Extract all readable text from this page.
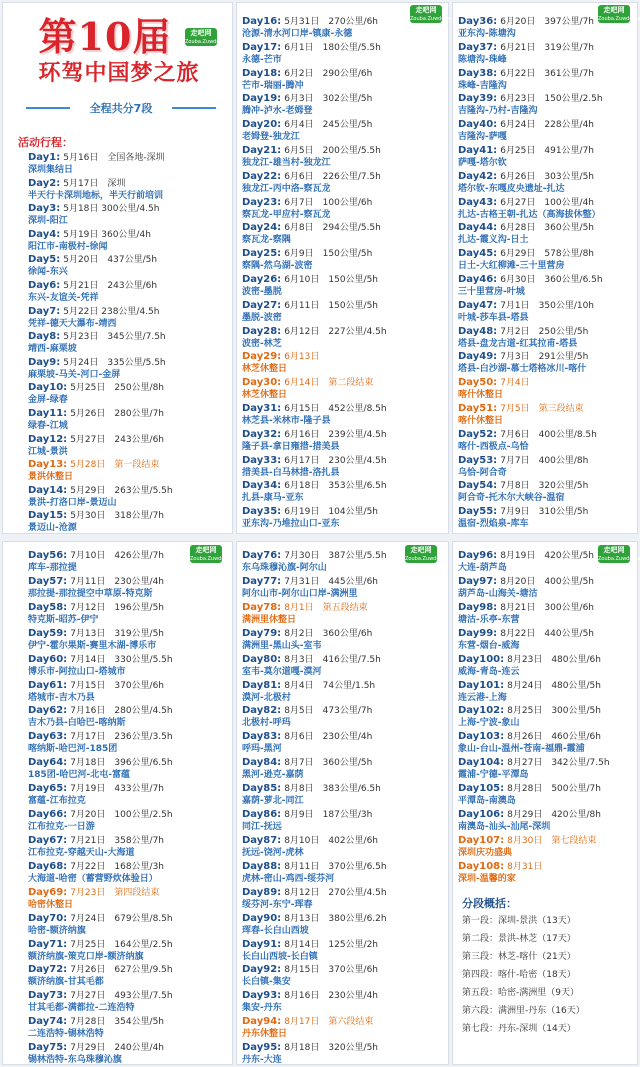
第10届
环驾中国梦之旅
走吧网
Zouba.Zuwdema
全程共分7段
活动行程：
走吧网
Zouba.Zuwdema
走吧网
Zouba.Zuwdema
走吧网
Zouba.Zuwdema
走吧网
Zouba.Zuwdema
走吧网
Zouba.Zuwdema
Day1: 5月16日　全国各地-深圳
深圳集结日
Day2: 5月17日　深圳
半天行卡深圳地标，半天行前培训
Day3: 5月18日 300公里/4.5h
深圳-阳江
Day4: 5月19日 360公里/4h
阳江市-南极村-徐闻
Day5: 5月20日　437公里/5h
徐闻-东兴
Day6: 5月21日　243公里/6h
东兴-友谊关-凭祥
Day7: 5月22日 238公里/4.5h
凭祥-德天大瀑布-靖西
Day8: 5月23日　345公里/7.5h
靖西-麻栗坡
Day9: 5月24日　335公里/5.5h
麻栗坡-马关-河口-金屏
Day10: 5月25日　250公里/8h
金屏-绿春
Day11: 5月26日　280公里/7h
绿春-江城
Day12: 5月27日　243公里/6h
江城-景洪
Day13: 5月28日　第一段结束
景洪休整日
Day14: 5月29日　263公里/5.5h
景洪-打洛口岸-景迈山
Day15: 5月30日　318公里/7h
景迈山-沧源
Day16: 5月31日　270公里/6h
沧源-清水河口岸-镇康-永德
Day17: 6月1日　180公里/5.5h
永德-芒市
Day18: 6月2日　290公里/6h
芒市-瑞丽-腾冲
Day19: 6月3日　302公里/5h
腾冲-泸水-老姆登
Day20: 6月4日　245公里/5h
老姆登-独龙江
Day21: 6月5日　200公里/5.5h
独龙江-雄当村-独龙江
Day22: 6月6日　226公里/7.5h
独龙江-丙中洛-察瓦龙
Day23: 6月7日　100公里/6h
察瓦龙-甲应村-察瓦龙
Day24: 6月8日　294公里/5.5h
察瓦龙-察隅
Day25: 6月9日　150公里/5h
察隅-然乌湖-波密
Day26: 6月10日　150公里/5h
波密-墨脱
Day27: 6月11日　150公里/5h
墨脱-波密
Day28: 6月12日　227公里/4.5h
波密-林芝
Day29: 6月13日
林芝休整日
Day30: 6月14日　第二段结束
林芝休整日
Day31: 6月15日　452公里/8.5h
林芝县-米林市-隆子县
Day32: 6月16日　239公里/4.5h
隆子县-拿日雍措-措美县
Day33: 6月17日　230公里/4.5h
措美县-白马林措-洛扎县
Day34: 6月18日　353公里/6.5h
扎县-康马-亚东
Day35: 6月19日　104公里/5h
亚东沟-乃堆拉山口-亚东
Day36: 6月20日　397公里/7h
亚东沟-陈塘沟
Day37: 6月21日　319公里/7h
陈塘沟-珠峰
Day38: 6月22日　361公里/7h
珠峰-吉隆沟
Day39: 6月23日　150公里/2.5h
吉隆沟-乃村-吉隆沟
Day40: 6月24日　228公里/4h
吉隆沟-萨嘎
Day41: 6月25日　491公里/7h
萨嘎-塔尔钦
Day42: 6月26日　303公里/5h
塔尔钦-东嘎皮央遗址-扎达
Day43: 6月27日　100公里/4h
扎达-古格王朝-扎达（高海拔休整）
Day44: 6月28日　360公里/5h
扎达-霞义沟-日土
Day45: 6月29日　578公里/8h
日土-大红柳滩-三十里营房
Day46: 6月30日　360公里/6.5h
三十里营房-叶城
Day47: 7月1日　350公里/10h
叶城-莎车县-塔县
Day48: 7月2日　250公里/5h
塔县-盘龙古道-红其拉甫-塔县
Day49: 7月3日　291公里/5h
塔县-白沙湖-慕士塔格冰川-喀什
Day50: 7月4日
喀什休整日
Day51: 7月5日　第三段结束
喀什休整日
Day52: 7月6日　400公里/8.5h
喀什-西极点-乌恰
Day53: 7月7日　400公里/8h
乌恰-阿合奇
Day54: 7月8日　320公里/5h
阿合奇-托木尔大峡谷-温宿
Day55: 7月9日　310公里/5h
温宿-烈焰泉-库车
Day56: 7月10日　426公里/7h
库车-那拉提
Day57: 7月11日　230公里/4h
那拉提-那拉提空中草原-特克斯
Day58: 7月12日　196公里/5h
特克斯-昭苏-伊宁
Day59: 7月13日　319公里/5h
伊宁-霍尔果斯-赛里木湖-博乐市
Day60: 7月14日　330公里/5.5h
博乐市-阿拉山口-塔城市
Day61: 7月15日　370公里/6h
塔城市-吉木乃县
Day62: 7月16日　280公里/4.5h
吉木乃县-白哈巴-喀纳斯
Day63: 7月17日　236公里/3.5h
喀纳斯-哈巴河-185团
Day64: 7月18日　396公里/6.5h
185团-哈巴河-北屯-富蕴
Day65: 7月19日　433公里/7h
富蕴-江布拉克
Day66: 7月20日　100公里/2.5h
江布拉克-一日游
Day67: 7月21日　358公里/7h
江布拉克-穿越天山-大海道
Day68: 7月22日　168公里/3h
大海道-哈密（蓄营野炊体验日）
Day69: 7月23日　第四段结束
哈密休整日
Day70: 7月24日　679公里/8.5h
哈密-额济纳旗
Day71: 7月25日　164公里/2.5h
额济纳旗-策克口岸-额济纳旗
Day72: 7月26日　627公里/9.5h
额济纳旗-甘其毛都
Day73: 7月27日　493公里/7.5h
甘其毛都-满都拉-二连浩特
Day74: 7月28日　354公里/5h
二连浩特-锡林浩特
Day75: 7月29日　240公里/4h
锡林浩特-东乌珠穆沁旗
Day76: 7月30日　387公里/5.5h
东乌珠穆沁旗-阿尔山
Day77: 7月31日　445公里/6h
阿尔山市-阿尔山口岸-满洲里
Day78: 8月1日　第五段结束
满洲里休整日
Day79: 8月2日　360公里/6h
满洲里-黑山头-室韦
Day80: 8月3日　416公里/7.5h
室韦-莫尔道嘎-漠河
Day81: 8月4日　74公里/1.5h
漠河-北极村
Day82: 8月5日　473公里/7h
北极村-呼玛
Day83: 8月6日　230公里/4h
呼玛-黑河
Day84: 8月7日　360公里/5h
黑河-逊克-嘉荫
Day85: 8月8日　383公里/6.5h
嘉荫-萝北-同江
Day86: 8月9日　187公里/3h
同江-抚远
Day87: 8月10日　402公里/6h
抚远-饶河-虎林
Day88: 8月11日　370公里/6.5h
虎林-密山-鸡西-绥芬河
Day89: 8月12日　270公里/4.5h
绥芬河-东宁-珲春
Day90: 8月13日　380公里/6.2h
珲春-长白山西坡
Day91: 8月14日　125公里/2h
长白山西坡-长白镇
Day92: 8月15日　370公里/6h
长白镇-集安
Day93: 8月16日　230公里/4h
集安-丹东
Day94: 8月17日　第六段结束
丹东休整日
Day95: 8月18日　320公里/5h
丹东-大连
Day96: 8月19日　420公里/5h
大连-葫芦岛
Day97: 8月20日　400公里/5h
葫芦岛-山海关-塘沽
Day98: 8月21日　300公里/6h
塘沽-乐亭-东营
Day99: 8月22日　440公里/5h
东营-烟台-威海
Day100: 8月23日　480公里/6h
威海-青岛-连云
Day101: 8月24日　480公里/5h
连云港-上海
Day102: 8月25日　300公里/5h
上海-宁波-象山
Day103: 8月26日　460公里/6h
象山-台山-温州-苍南-福鼎-霞浦
Day104: 8月27日　342公里/7.5h
霞浦-宁德-平潭岛
Day105: 8月28日　500公里/7h
平潭岛-南澳岛
Day106: 8月29日　420公里/8h
南澳岛-汕头-汕尾-深圳
Day107: 8月30日　第七段结束
深圳庆功盛典
Day108: 8月31日
深圳-温馨的家
分段概括：
第一段：深圳-景洪（13天）
第二段：景洪-林芝（17天）
第三段：林芝-喀什（21天）
第四段：喀什-哈密（18天）
第五段：哈密-满洲里（9天）
第六段：满洲里-丹东（16天）
第七段：丹东-深圳（14天）
